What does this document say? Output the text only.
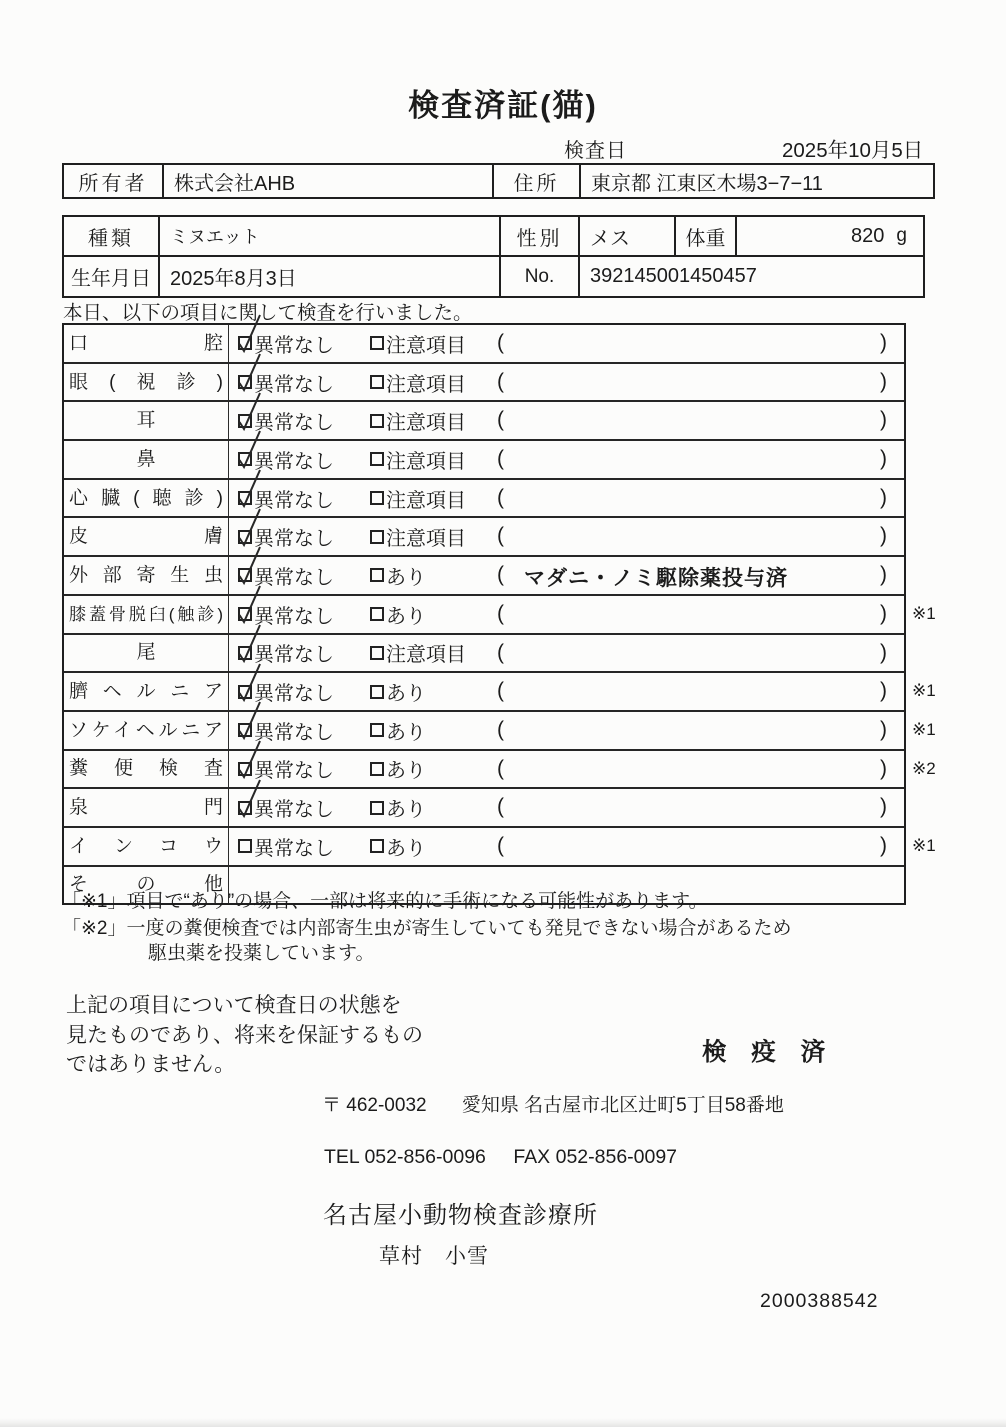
検査済証(猫)
検査日	2025年10月5日
所有者	株式会社AHB	住所	東京都 江東区木場3−7−11
種類	ミヌエット	性別	メス	体重	820 g
生年月日 2025年8月3日	No.	392145001450457
本日、以下の項目に関して検査を行いました。
口腔 異常なし	注意項目 (	)
眼(視診) 異常なし	注意項目 (	)
耳	異常なし	注意項目 (	)
鼻	異常なし	注意項目 (	)
心臓(聴診) 異常なし	注意項目 (	)
皮膚 異常なし	注意項目 (	)
外部寄生虫 異常なし	あり	( マダニ・ノミ駆除薬投与済	)
膝蓋骨脱臼(触診) 異常なし	あり	(	) ※1
尾	異常なし	注意項目 (	)
臍ヘルニア 異常なし	あり	(	) ※1
ソケイヘルニア 異常なし	あり	(	) ※1
糞便検査 異常なし	あり	(	) ※2
泉門 異常なし	あり	(	)
インコウ 異常なし	あり	(	) ※1
その他
「※1」項目で“あり”の場合、一部は将来的に手術になる可能性があります。
「※2」一度の糞便検査では内部寄生虫が寄生していても発見できない場合があるため
駆虫薬を投薬しています。
上記の項目について検査日の状態を
見たものであり、将来を保証するもの
ではありません。	検 疫 済
〒 462-0032 愛知県 名古屋市北区辻町5丁目58番地
TEL 052-856-0096 FAX 052-856-0097
名古屋小動物検査診療所
草村　小雪
2000388542
